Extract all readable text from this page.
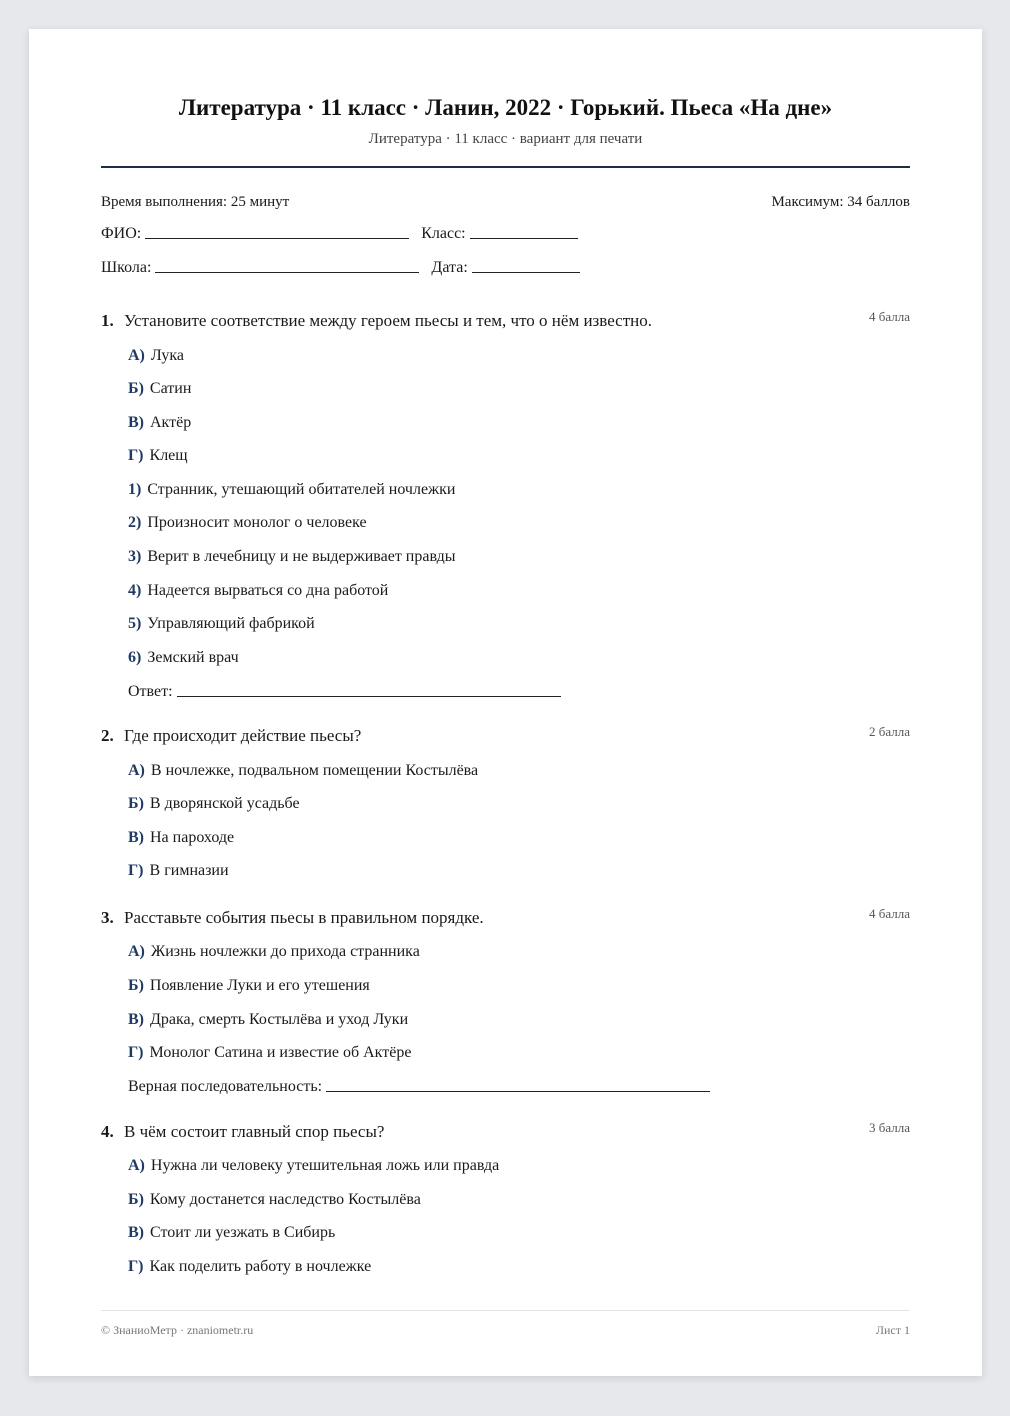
Литература · 11 класс · Ланин, 2022 · Горький. Пьеса «На дне»
Литература · 11 класс · вариант для печати
Время выполнения: 25 минут	Максимум: 34 баллов
ФИО:	Класс:
Школа:	Дата:
1. Установите соответствие между героем пьесы и тем, что о нём известно.	4 балла
А) Лука
Б) Сатин
В) Актёр
Г) Клещ
1) Странник, утешающий обитателей ночлежки
2) Произносит монолог о человеке
3) Верит в лечебницу и не выдерживает правды
4) Надеется вырваться со дна работой
5) Управляющий фабрикой
6) Земский врач
Ответ:
2. Где происходит действие пьесы?	2 балла
А) В ночлежке, подвальном помещении Костылёва
Б) В дворянской усадьбе
В) На пароходе
Г) В гимназии
3. Расставьте события пьесы в правильном порядке.	4 балла
А) Жизнь ночлежки до прихода странника
Б) Появление Луки и его утешения
В) Драка, смерть Костылёва и уход Луки
Г) Монолог Сатина и известие об Актёре
Верная последовательность:
4. В чём состоит главный спор пьесы?	3 балла
А) Нужна ли человеку утешительная ложь или правда
Б) Кому достанется наследство Костылёва
В) Стоит ли уезжать в Сибирь
Г) Как поделить работу в ночлежке
© ЗнаниоМетр · znaniometr.ru	Лист 1
